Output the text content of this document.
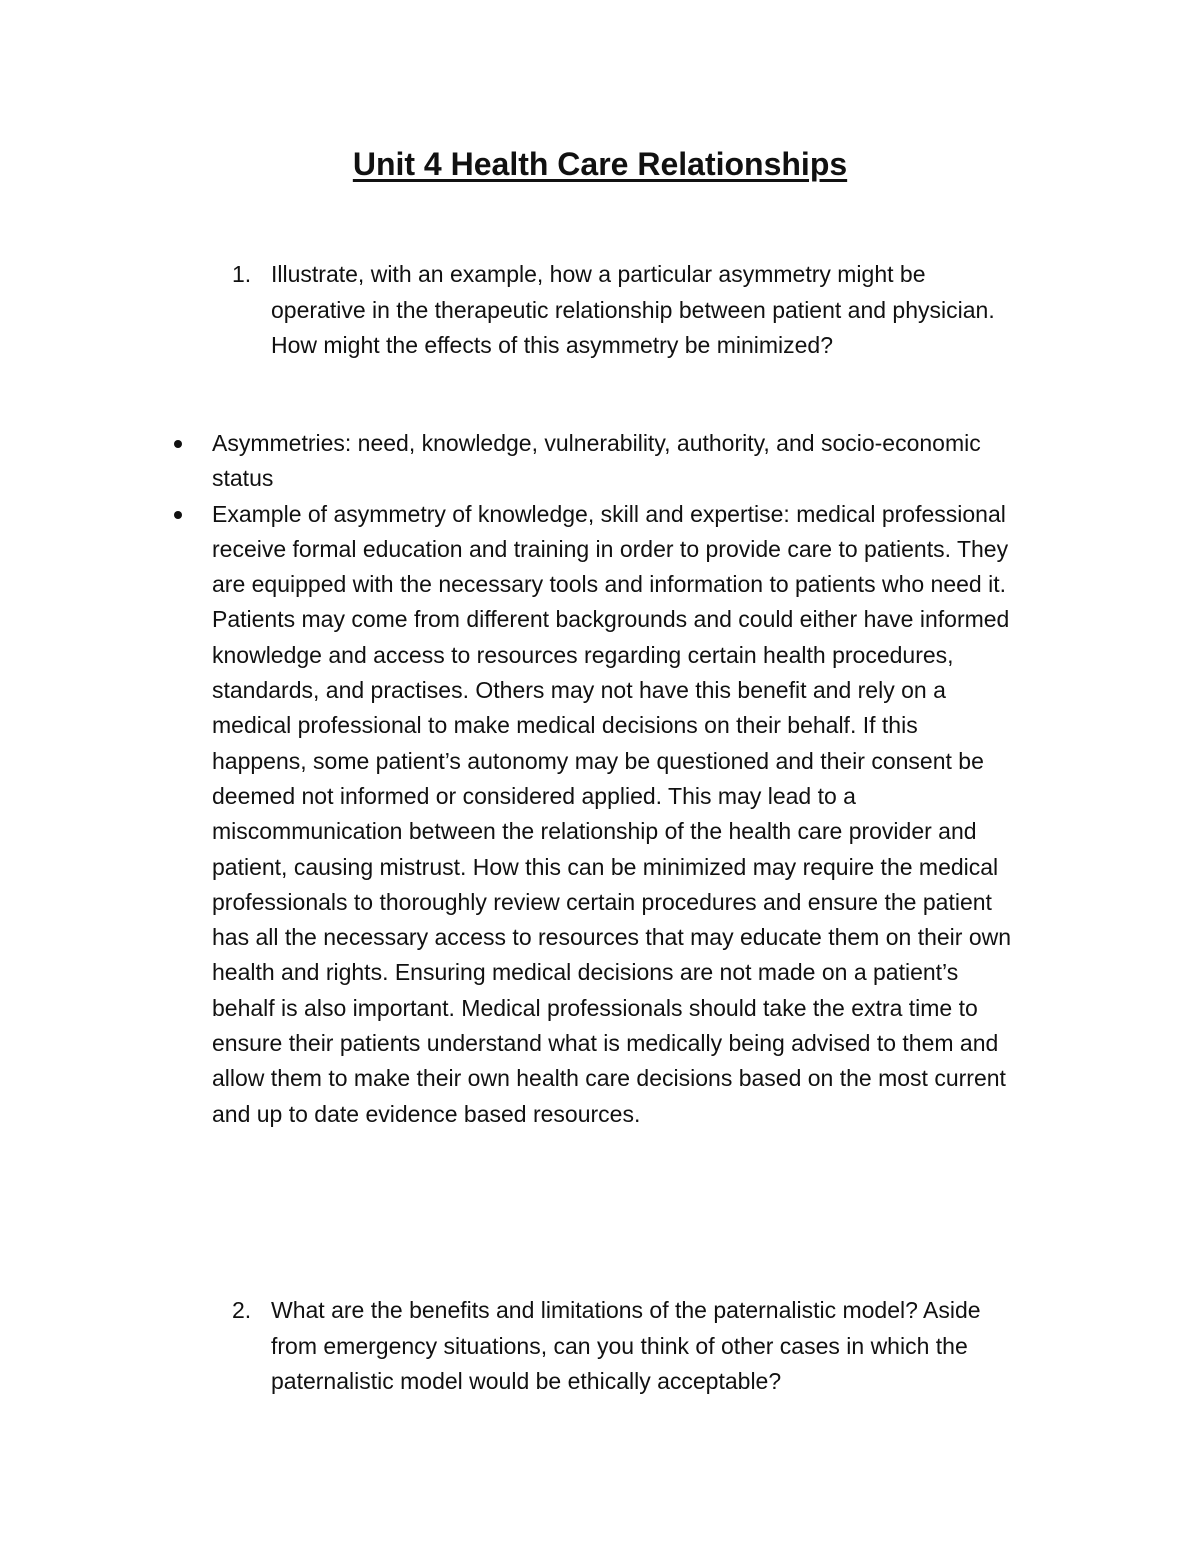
Unit 4 Health Care Relationships
1. Illustrate, with an example, how a particular asymmetry might be operative in the therapeutic relationship between patient and physician. How might the effects of this asymmetry be minimized?
Asymmetries: need, knowledge, vulnerability, authority, and socio-economic status
Example of asymmetry of knowledge, skill and expertise: medical professional receive formal education and training in order to provide care to patients. They are equipped with the necessary tools and information to patients who need it. Patients may come from different backgrounds and could either have informed knowledge and access to resources regarding certain health procedures, standards, and practises. Others may not have this benefit and rely on a medical professional to make medical decisions on their behalf. If this happens, some patient’s autonomy may be questioned and their consent be deemed not informed or considered applied. This may lead to a miscommunication between the relationship of the health care provider and patient, causing mistrust. How this can be minimized may require the medical professionals to thoroughly review certain procedures and ensure the patient has all the necessary access to resources that may educate them on their own health and rights. Ensuring medical decisions are not made on a patient’s behalf is also important. Medical professionals should take the extra time to ensure their patients understand what is medically being advised to them and allow them to make their own health care decisions based on the most current and up to date evidence based resources.
2. What are the benefits and limitations of the paternalistic model? Aside from emergency situations, can you think of other cases in which the paternalistic model would be ethically acceptable?
